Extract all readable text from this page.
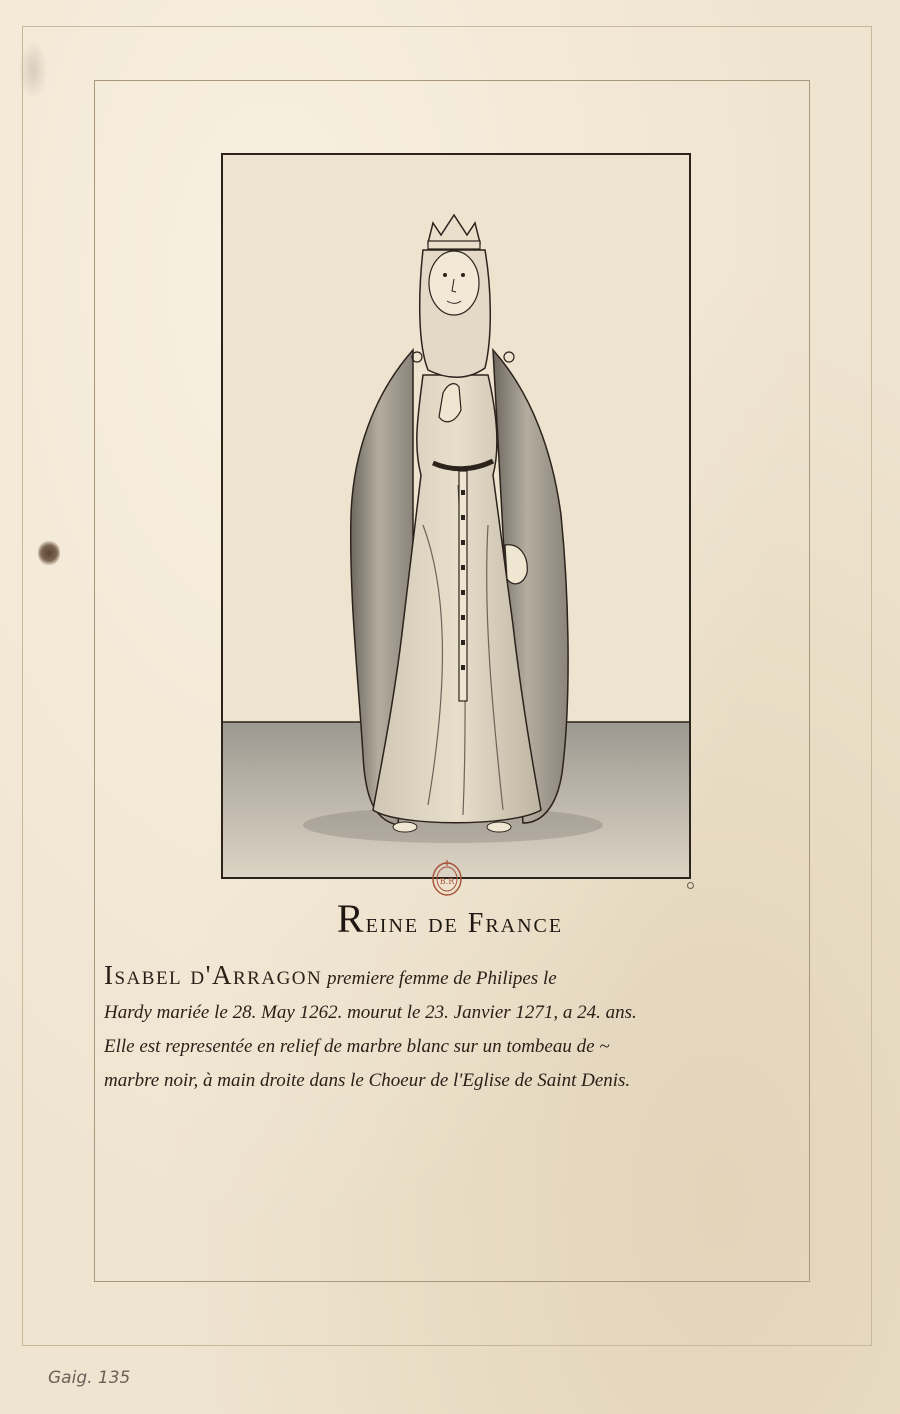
B.R
Reine de France
Isabel d'Arragon premiere femme de Philipes le
Hardy mariée le 28. May 1262. mourut le 23. Janvier 1271, a 24. ans.
Elle est representée en relief de marbre blanc sur un tombeau de ~
marbre noir, à main droite dans le Choeur de l'Eglise de Saint Denis.
Gaig. 135
